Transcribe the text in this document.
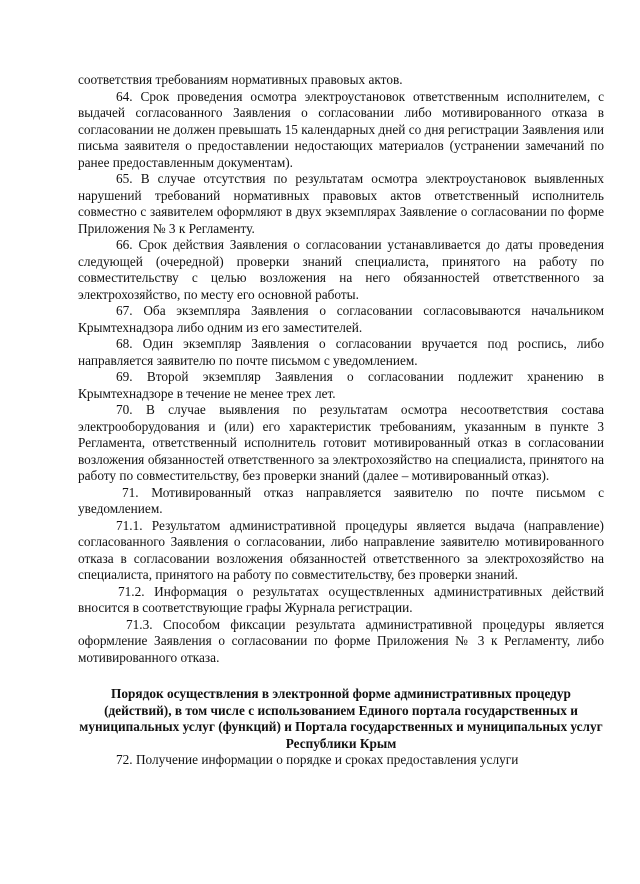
соответствия требованиям нормативных правовых актов.

64. Срок проведения осмотра электроустановок ответственным исполнителем, с выдачей согласованного Заявления о согласовании либо мотивированного отказа в согласовании не должен превышать 15 календарных дней со дня регистрации Заявления или письма заявителя о предоставлении недостающих материалов (устранении замечаний по ранее предоставленным документам).

65. В случае отсутствия по результатам осмотра электроустановок выявленных нарушений требований нормативных правовых актов ответственный исполнитель совместно с заявителем оформляют в двух экземплярах Заявление о согласовании по форме Приложения № 3 к Регламенту.

66. Срок действия Заявления о согласовании устанавливается до даты проведения следующей (очередной) проверки знаний специалиста, принятого на работу по совместительству с целью возложения на него обязанностей ответственного за электрохозяйство, по месту его основной работы.

67. Оба экземпляра Заявления о согласовании согласовываются начальником Крымтехнадзора либо одним из его заместителей.

68. Один экземпляр Заявления о согласовании вручается под роспись, либо направляется заявителю по почте письмом с уведомлением.

69. Второй экземпляр Заявления о согласовании подлежит хранению в Крымтехнадзоре в течение не менее трех лет.

70. В случае выявления по результатам осмотра несоответствия состава электрооборудования и (или) его характеристик требованиям, указанным в пункте 3 Регламента, ответственный исполнитель готовит мотивированный отказ в согласовании возложения обязанностей ответственного за электрохозяйство на специалиста, принятого на работу по совместительству, без проверки знаний (далее – мотивированный отказ).

71. Мотивированный отказ направляется заявителю по почте письмом с уведомлением.

71.1. Результатом административной процедуры является выдача (направление) согласованного Заявления о согласовании, либо направление заявителю мотивированного отказа в согласовании возложения обязанностей ответственного за электрохозяйство на специалиста, принятого на работу по совместительству, без проверки знаний.

71.2. Информация о результатах осуществленных административных действий вносится в соответствующие графы Журнала регистрации.

71.3. Способом фиксации результата административной процедуры является оформление Заявления о согласовании по форме Приложения № 3 к Регламенту, либо мотивированного отказа.

Порядок осуществления в электронной форме административных процедур (действий), в том числе с использованием Единого портала государственных и муниципальных услуг (функций) и Портала государственных и муниципальных услуг Республики Крым

72. Получение информации о порядке и сроках предоставления услуги
